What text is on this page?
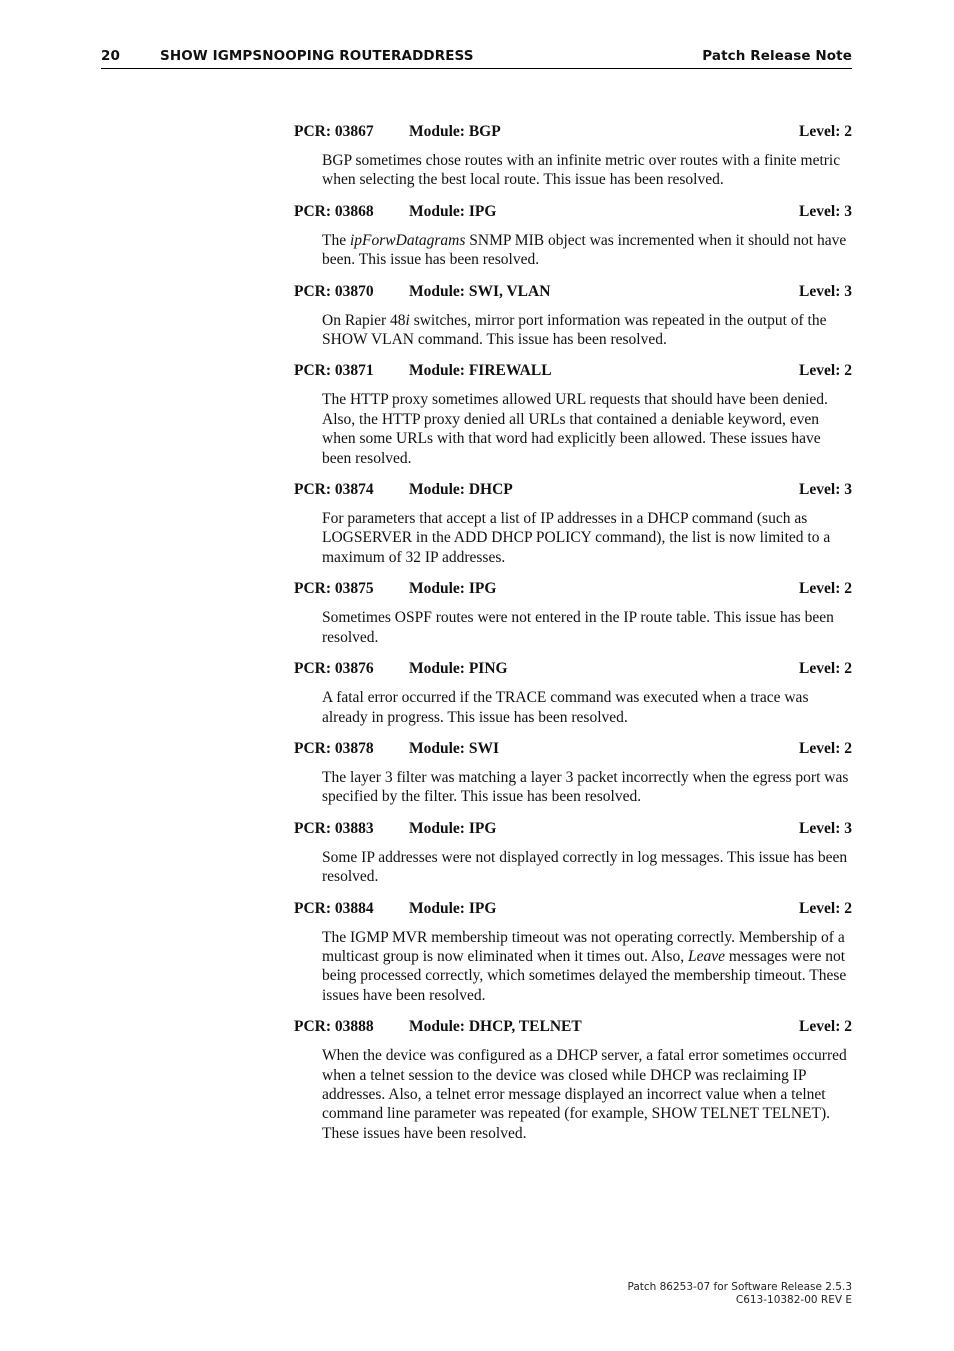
20	SHOW IGMPSNOOPING ROUTERADDRESS	Patch Release Note
PCR: 03867 Module: BGP	Level: 2
BGP sometimes chose routes with an infinite metric over routes with a finite metric when selecting the best local route. This issue has been resolved.
PCR: 03868 Module: IPG	Level: 3
The ipForwDatagrams SNMP MIB object was incremented when it should not have been. This issue has been resolved.
PCR: 03870 Module: SWI, VLAN	Level: 3
On Rapier 48i switches, mirror port information was repeated in the output of the SHOW VLAN command. This issue has been resolved.
PCR: 03871 Module: FIREWALL	Level: 2
The HTTP proxy sometimes allowed URL requests that should have been denied. Also, the HTTP proxy denied all URLs that contained a deniable keyword, even when some URLs with that word had explicitly been allowed. These issues have been resolved.
PCR: 03874 Module: DHCP	Level: 3
For parameters that accept a list of IP addresses in a DHCP command (such as LOGSERVER in the ADD DHCP POLICY command), the list is now limited to a maximum of 32 IP addresses.
PCR: 03875 Module: IPG	Level: 2
Sometimes OSPF routes were not entered in the IP route table. This issue has been resolved.
PCR: 03876 Module: PING	Level: 2
A fatal error occurred if the TRACE command was executed when a trace was already in progress. This issue has been resolved.
PCR: 03878 Module: SWI	Level: 2
The layer 3 filter was matching a layer 3 packet incorrectly when the egress port was specified by the filter. This issue has been resolved.
PCR: 03883 Module: IPG	Level: 3
Some IP addresses were not displayed correctly in log messages. This issue has been resolved.
PCR: 03884 Module: IPG	Level: 2
The IGMP MVR membership timeout was not operating correctly. Membership of a multicast group is now eliminated when it times out. Also, Leave messages were not being processed correctly, which sometimes delayed the membership timeout. These issues have been resolved.
PCR: 03888 Module: DHCP, TELNET	Level: 2
When the device was configured as a DHCP server, a fatal error sometimes occurred when a telnet session to the device was closed while DHCP was reclaiming IP addresses. Also, a telnet error message displayed an incorrect value when a telnet command line parameter was repeated (for example, SHOW TELNET TELNET). These issues have been resolved.
Patch 86253-07 for Software Release 2.5.3
C613-10382-00 REV E
